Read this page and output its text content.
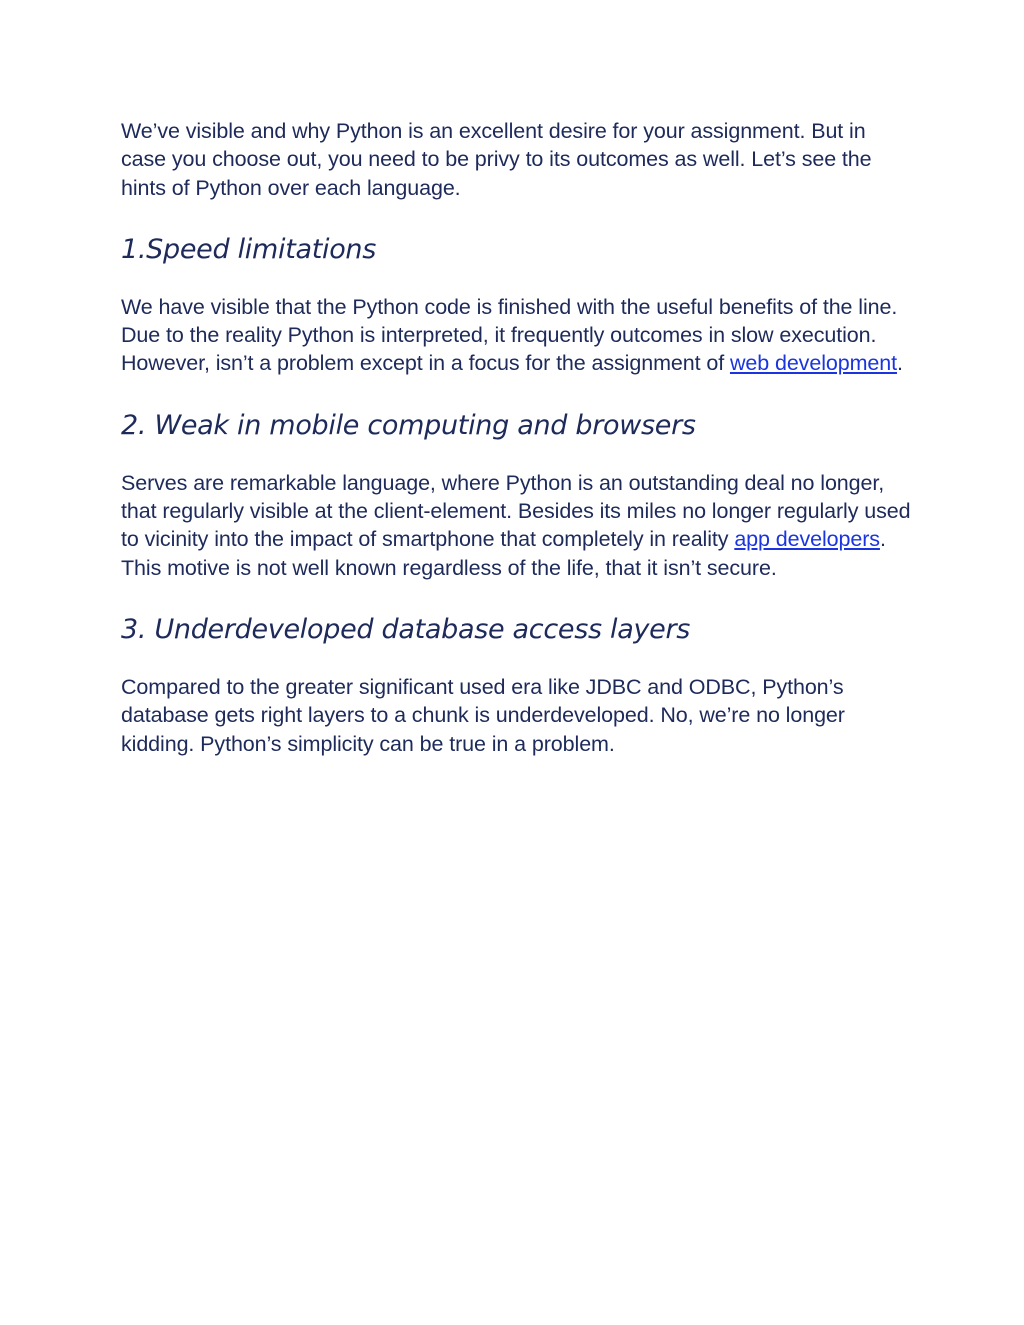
We’ve visible and why Python is an excellent desire for your assignment. But in case you choose out, you need to be privy to its outcomes as well. Let’s see the hints of Python over each language.

1.Speed limitations

We have visible that the Python code is finished with the useful benefits of the line. Due to the reality Python is interpreted, it frequently outcomes in slow execution. However, isn’t a problem except in a focus for the assignment of web development.

2. Weak in mobile computing and browsers

Serves are remarkable language, where Python is an outstanding deal no longer, that regularly visible at the client-element. Besides its miles no longer regularly used to vicinity into the impact of smartphone that completely in reality app developers. This motive is not well known regardless of the life, that it isn’t secure.

3. Underdeveloped database access layers

Compared to the greater significant used era like JDBC and ODBC, Python’s database gets right layers to a chunk is underdeveloped. No, we’re no longer kidding. Python’s simplicity can be true in a problem.
